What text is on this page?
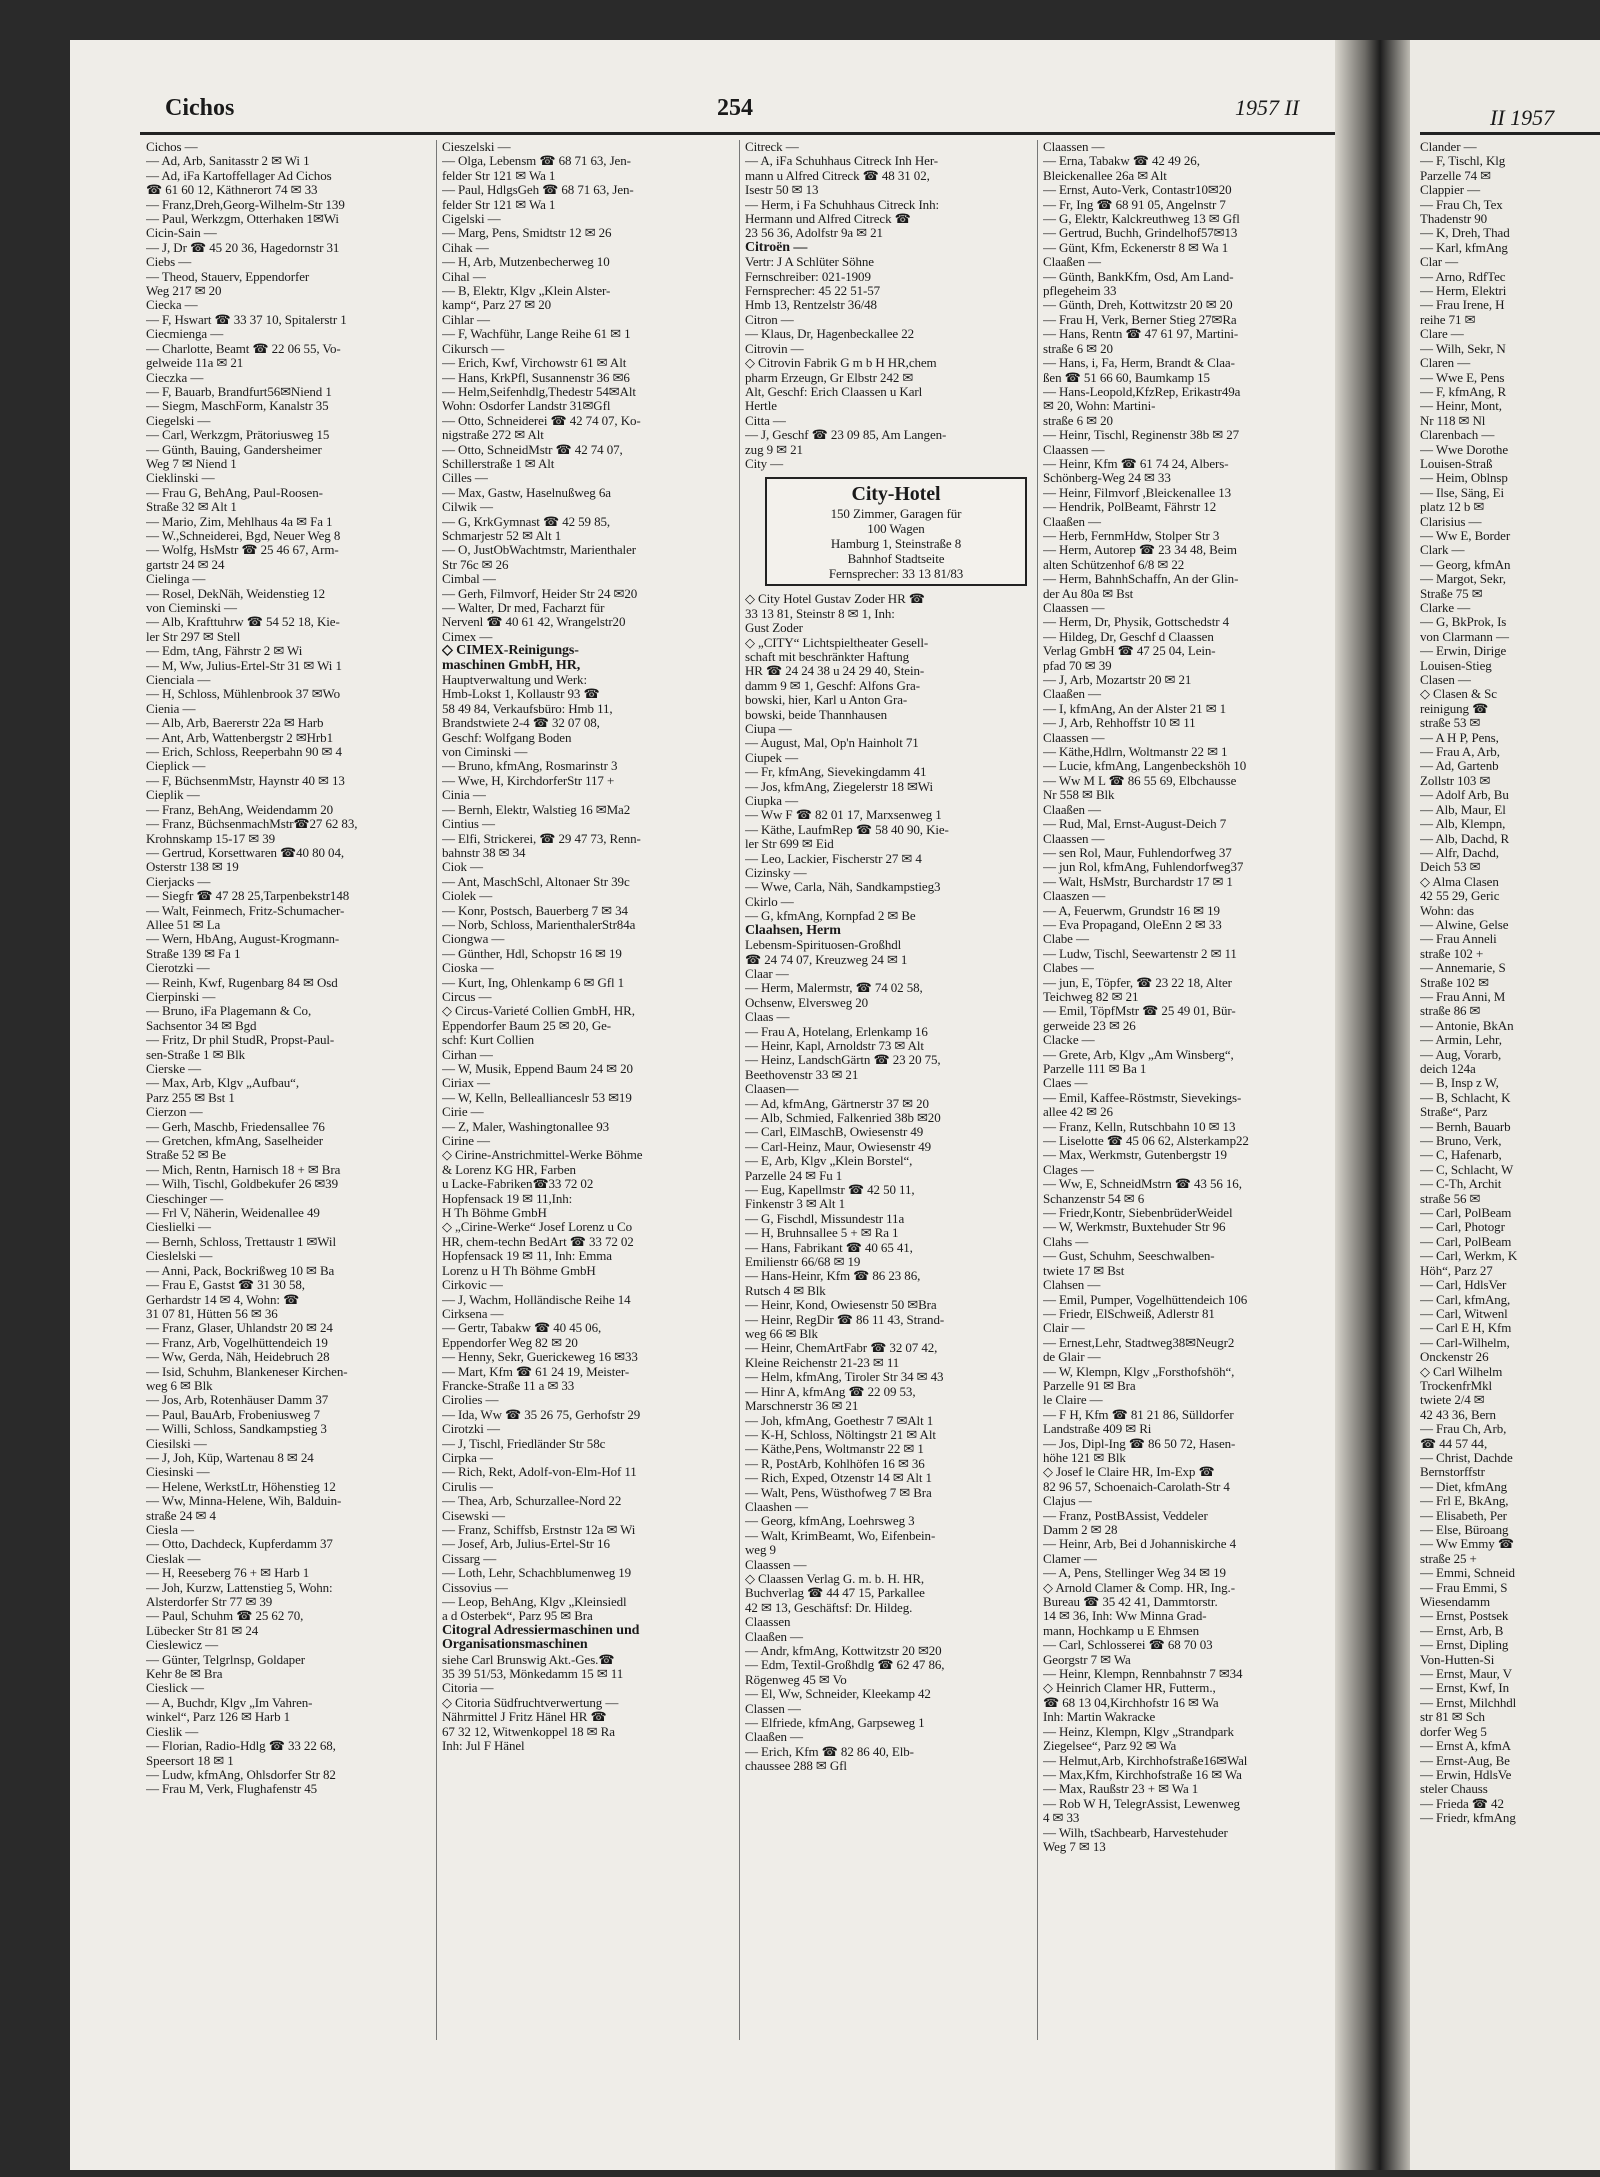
Cichos	254	1957 II	II 1957
Cichos —
— Ad, Arb, Sanitasstr 2 ✉ Wi 1
— Ad, iFa Kartoffellager Ad Cichos
☎ 61 60 12, Käthnerort 74 ✉ 33
— Franz,Dreh,Georg-Wilhelm-Str 139
— Paul, Werkzgm, Otterhaken 1✉Wi
Cicin-Sain —
— J, Dr ☎ 45 20 36, Hagedornstr 31
Ciebs —
— Theod, Stauerv, Eppendorfer
Weg 217 ✉ 20
Ciecka —
— F, Hswart ☎ 33 37 10, Spitalerstr 1
Ciecmienga —
— Charlotte, Beamt ☎ 22 06 55, Vo-
gelweide 11a ✉ 21
Cieczka —
— F, Bauarb, Brandfurt56✉Niend 1
— Siegm, MaschForm, Kanalstr 35
Ciegelski —
— Carl, Werkzgm, Prätoriusweg 15
— Günth, Bauing, Gandersheimer
Weg 7 ✉ Niend 1
Cieklinski —
— Frau G, BehAng, Paul-Roosen-
Straße 32 ✉ Alt 1
— Mario, Zim, Mehlhaus 4a ✉ Fa 1
— W.,Schneiderei, Bgd, Neuer Weg 8
— Wolfg, HsMstr ☎ 25 46 67, Arm-
gartstr 24 ✉ 24
Cielinga —
— Rosel, DekNäh, Weidenstieg 12
von Cieminski —
— Alb, Krafttuhrw ☎ 54 52 18, Kie-
ler Str 297 ✉ Stell
— Edm, tAng, Fährstr 2 ✉ Wi
— M, Ww, Julius-Ertel-Str 31 ✉ Wi 1
Cienciala —
— H, Schloss, Mühlenbrook 37 ✉Wo
Cienia —
— Alb, Arb, Baererstr 22a ✉ Harb
— Ant, Arb, Wattenbergstr 2 ✉Hrb1
— Erich, Schloss, Reeperbahn 90 ✉ 4
Cieplick —
— F, BüchsenmMstr, Haynstr 40 ✉ 13
Cieplik —
— Franz, BehAng, Weidendamm 20
— Franz, BüchsenmachMstr☎27 62 83,
Krohnskamp 15-17 ✉ 39
— Gertrud, Korsettwaren ☎40 80 04,
Osterstr 138 ✉ 19
Cierjacks —
— Siegfr ☎ 47 28 25,Tarpenbekstr148
— Walt, Feinmech, Fritz-Schumacher-
Allee 51 ✉ La
— Wern, HbAng, August-Krogmann-
Straße 139 ✉ Fa 1
Cierotzki —
— Reinh, Kwf, Rugenbarg 84 ✉ Osd
Cierpinski —
— Bruno, iFa Plagemann & Co,
Sachsentor 34 ✉ Bgd
— Fritz, Dr phil StudR, Propst-Paul-
sen-Straße 1 ✉ Blk
Cierske —
— Max, Arb, Klgv „Aufbau“,
Parz 255 ✉ Bst 1
Cierzon —
— Gerh, Maschb, Friedensallee 76
— Gretchen, kfmAng, Saselheider
Straße 52 ✉ Be
— Mich, Rentn, Harnisch 18 + ✉ Bra
— Wilh, Tischl, Goldbekufer 26 ✉39
Cieschinger —
— Frl V, Näherin, Weidenallee 49
Cieslielki —
— Bernh, Schloss, Trettaustr 1 ✉Wil
Cieslelski —
— Anni, Pack, Bockrißweg 10 ✉ Ba
— Frau E, Gastst ☎ 31 30 58,
Gerhardstr 14 ✉ 4, Wohn: ☎
31 07 81, Hütten 56 ✉ 36
— Franz, Glaser, Uhlandstr 20 ✉ 24
— Franz, Arb, Vogelhüttendeich 19
— Ww, Gerda, Näh, Heidebruch 28
— Isid, Schuhm, Blankeneser Kirchen-
weg 6 ✉ Blk
— Jos, Arb, Rotenhäuser Damm 37
— Paul, BauArb, Frobeniusweg 7
— Willi, Schloss, Sandkampstieg 3
Ciesilski —
— J, Joh, Küp, Wartenau 8 ✉ 24
Ciesinski —
— Helene, WerkstLtr, Höhenstieg 12
— Ww, Minna-Helene, Wih, Balduin-
straße 24 ✉ 4
Ciesla —
— Otto, Dachdeck, Kupferdamm 37
Cieslak —
— H, Reeseberg 76 + ✉ Harb 1
— Joh, Kurzw, Lattenstieg 5, Wohn:
Alsterdorfer Str 77 ✉ 39
— Paul, Schuhm ☎ 25 62 70,
Lübecker Str 81 ✉ 24
Cieslewicz —
— Günter, Telgrlnsp, Goldaper
Kehr 8e ✉ Bra
Cieslick —
— A, Buchdr, Klgv „Im Vahren-
winkel“, Parz 126 ✉ Harb 1
Cieslik —
— Florian, Radio-Hdlg ☎ 33 22 68,
Speersort 18 ✉ 1
— Ludw, kfmAng, Ohlsdorfer Str 82
— Frau M, Verk, Flughafenstr 45
Cieszelski —
— Olga, Lebensm ☎ 68 71 63, Jen-
felder Str 121 ✉ Wa 1
— Paul, HdlgsGeh ☎ 68 71 63, Jen-
felder Str 121 ✉ Wa 1
Cigelski —
— Marg, Pens, Smidtstr 12 ✉ 26
Cihak —
— H, Arb, Mutzenbecherweg 10
Cihal —
— B, Elektr, Klgv „Klein Alster-
kamp“, Parz 27 ✉ 20
Cihlar —
— F, Wachführ, Lange Reihe 61 ✉ 1
Cikursch —
— Erich, Kwf, Virchowstr 61 ✉ Alt
— Hans, KrkPfl, Susannenstr 36 ✉6
— Helm,Seifenhdlg,Thedestr 54✉Alt
Wohn: Osdorfer Landstr 31✉Gfl
— Otto, Schneiderei ☎ 42 74 07, Ko-
nigstraße 272 ✉ Alt
— Otto, SchneidMstr ☎ 42 74 07,
Schillerstraße 1 ✉ Alt
Cilles —
— Max, Gastw, Haselnußweg 6a
Cilwik —
— G, KrkGymnast ☎ 42 59 85,
Schmarjestr 52 ✉ Alt 1
— O, JustObWachtmstr, Marienthaler
Str 76c ✉ 26
Cimbal —
— Gerh, Filmvorf, Heider Str 24 ✉20
— Walter, Dr med, Facharzt für
Nervenl ☎ 40 61 42, Wrangelstr20
Cimex —
◇ CIMEX-Reinigungs-
maschinen GmbH, HR,
Hauptverwaltung und Werk:
Hmb-Lokst 1, Kollaustr 93 ☎
58 49 84, Verkaufsbüro: Hmb 11,
Brandstwiete 2-4 ☎ 32 07 08,
Geschf: Wolfgang Boden
von Ciminski —
— Bruno, kfmAng, Rosmarinstr 3
— Wwe, H, KirchdorferStr 117 +
Cinia —
— Bernh, Elektr, Walstieg 16 ✉Ma2
Cintius —
— Elfi, Strickerei, ☎ 29 47 73, Renn-
bahnstr 38 ✉ 34
Ciok —
— Ant, MaschSchl, Altonaer Str 39c
Ciolek —
— Konr, Postsch, Bauerberg 7 ✉ 34
— Norb, Schloss, MarienthalerStr84a
Ciongwa —
— Günther, Hdl, Schopstr 16 ✉ 19
Cioska —
— Kurt, Ing, Ohlenkamp 6 ✉ Gfl 1
Circus —
◇ Circus-Varieté Collien GmbH, HR,
Eppendorfer Baum 25 ✉ 20, Ge-
schf: Kurt Collien
Cirhan —
— W, Musik, Eppend Baum 24 ✉ 20
Ciriax —
— W, Kelln, Belleallianceslr 53 ✉19
Cirie —
— Z, Maler, Washingtonallee 93
Cirine —
◇ Cirine-Anstrichmittel-Werke Böhme
& Lorenz KG HR, Farben
u Lacke-Fabriken☎33 72 02
Hopfensack 19 ✉ 11,Inh:
H Th Böhme GmbH
◇ „Cirine-Werke“ Josef Lorenz u Co
HR, chem-techn BedArt ☎ 33 72 02
Hopfensack 19 ✉ 11, Inh: Emma
Lorenz u H Th Böhme GmbH
Cirkovic —
— J, Wachm, Holländische Reihe 14
Cirksena —
— Gertr, Tabakw ☎ 40 45 06,
Eppendorfer Weg 82 ✉ 20
— Henny, Sekr, Guerickeweg 16 ✉33
— Mart, Kfm ☎ 61 24 19, Meister-
Francke-Straße 11 a ✉ 33
Cirolies —
— Ida, Ww ☎ 35 26 75, Gerhofstr 29
Cirotzki —
— J, Tischl, Friedländer Str 58c
Cirpka —
— Rich, Rekt, Adolf-von-Elm-Hof 11
Cirulis —
— Thea, Arb, Schurzallee-Nord 22
Cisewski —
— Franz, Schiffsb, Erstnstr 12a ✉ Wi
— Josef, Arb, Julius-Ertel-Str 16
Cissarg —
— Loth, Lehr, Schachblumenweg 19
Cissovius —
— Leop, BehAng, Klgv „Kleinsiedl
a d Osterbek“, Parz 95 ✉ Bra
Citogral Adressiermaschinen und
Organisationsmaschinen
siehe Carl Brunswig Akt.-Ges.☎
35 39 51/53, Mönkedamm 15 ✉ 11
Citoria —
◇ Citoria Südfruchtverwertung —
Nährmittel J Fritz Hänel HR ☎
67 32 12, Witwenkoppel 18 ✉ Ra
Inh: Jul F Hänel
Citreck —
— A, iFa Schuhhaus Citreck Inh Her-
mann u Alfred Citreck ☎ 48 31 02,
Isestr 50 ✉ 13
— Herm, i Fa Schuhhaus Citreck Inh:
Hermann und Alfred Citreck ☎
23 56 36, Adolfstr 9a ✉ 21
Citroën —
Vertr: J A Schlüter Söhne
Fernschreiber: 021-1909
Fernsprecher: 45 22 51-57
Hmb 13, Rentzelstr 36/48
Citron —
— Klaus, Dr, Hagenbeckallee 22
Citrovin —
◇ Citrovin Fabrik G m b H HR,chem
pharm Erzeugn, Gr Elbstr 242 ✉
Alt, Geschf: Erich Claassen u Karl
Hertle
Citta —
— J, Geschf ☎ 23 09 85, Am Langen-
zug 9 ✉ 21
City —
City-Hotel
150 Zimmer, Garagen für
100 Wagen
Hamburg 1, Steinstraße 8
Bahnhof Stadtseite
Fernsprecher: 33 13 81/83
◇ City Hotel Gustav Zoder HR ☎
33 13 81, Steinstr 8 ✉ 1, Inh:
Gust Zoder
◇ „CITY“ Lichtspieltheater Gesell-
schaft mit beschränkter Haftung
HR ☎ 24 24 38 u 24 29 40, Stein-
damm 9 ✉ 1, Geschf: Alfons Gra-
bowski, hier, Karl u Anton Gra-
bowski, beide Thannhausen
Ciupa —
— August, Mal, Op'n Hainholt 71
Ciupek —
— Fr, kfmAng, Sievekingdamm 41
— Jos, kfmAng, Ziegelerstr 18 ✉Wi
Ciupka —
— Ww F ☎ 82 01 17, Marxsenweg 1
— Käthe, LaufmRep ☎ 58 40 90, Kie-
ler Str 699 ✉ Eid
— Leo, Lackier, Fischerstr 27 ✉ 4
Cizinsky —
— Wwe, Carla, Näh, Sandkampstieg3
Ckirlo —
— G, kfmAng, Kornpfad 2 ✉ Be
Claahsen, Herm
Lebensm-Spirituosen-Großhdl
☎ 24 74 07, Kreuzweg 24 ✉ 1
Claar —
— Herm, Malermstr, ☎ 74 02 58,
Ochsenw, Elversweg 20
Claas —
— Frau A, Hotelang, Erlenkamp 16
— Heinr, Kapl, Arnoldstr 73 ✉ Alt
— Heinz, LandschGärtn ☎ 23 20 75,
Beethovenstr 33 ✉ 21
Claasen—
— Ad, kfmAng, Gärtnerstr 37 ✉ 20
— Alb, Schmied, Falkenried 38b ✉20
— Carl, ElMaschB, Owiesenstr 49
— Carl-Heinz, Maur, Owiesenstr 49
— E, Arb, Klgv „Klein Borstel“,
Parzelle 24 ✉ Fu 1
— Eug, Kapellmstr ☎ 42 50 11,
Finkenstr 3 ✉ Alt 1
— G, Fischdl, Missundestr 11a
— H, Bruhnsallee 5 + ✉ Ra 1
— Hans, Fabrikant ☎ 40 65 41,
Emilienstr 66/68 ✉ 19
— Hans-Heinr, Kfm ☎ 86 23 86,
Rutsch 4 ✉ Blk
— Heinr, Kond, Owiesenstr 50 ✉Bra
— Heinr, RegDir ☎ 86 11 43, Strand-
weg 66 ✉ Blk
— Heinr, ChemArtFabr ☎ 32 07 42,
Kleine Reichenstr 21-23 ✉ 11
— Helm, kfmAng, Tiroler Str 34 ✉ 43
— Hinr A, kfmAng ☎ 22 09 53,
Marschnerstr 36 ✉ 21
— Joh, kfmAng, Goethestr 7 ✉Alt 1
— K-H, Schloss, Nöltingstr 21 ✉ Alt
— Käthe,Pens, Woltmanstr 22 ✉ 1
— R, PostArb, Kohlhöfen 16 ✉ 36
— Rich, Exped, Otzenstr 14 ✉ Alt 1
— Walt, Pens, Wüsthofweg 7 ✉ Bra
Claashen —
— Georg, kfmAng, Loehrsweg 3
— Walt, KrimBeamt, Wo, Eifenbein-
weg 9
Claassen —
◇ Claassen Verlag G. m. b. H. HR,
Buchverlag ☎ 44 47 15, Parkallee
42 ✉ 13, Geschäftsf: Dr. Hildeg.
Claassen
Claaßen —
— Andr, kfmAng, Kottwitzstr 20 ✉20
— Edm, Textil-Großhdlg ☎ 62 47 86,
Rögenweg 45 ✉ Vo
— El, Ww, Schneider, Kleekamp 42
Classen —
— Elfriede, kfmAng, Garpseweg 1
Claaßen —
— Erich, Kfm ☎ 82 86 40, Elb-
chaussee 288 ✉ Gfl
Claassen —
— Erna, Tabakw ☎ 42 49 26,
Bleickenallee 26a ✉ Alt
— Ernst, Auto-Verk, Contastr10✉20
— Fr, Ing ☎ 68 91 05, Angelnstr 7
— G, Elektr, Kalckreuthweg 13 ✉ Gfl
— Gertrud, Buchh, Grindelhof57✉13
— Günt, Kfm, Eckenerstr 8 ✉ Wa 1
Claaßen —
— Günth, BankKfm, Osd, Am Land-
pflegeheim 33
— Günth, Dreh, Kottwitzstr 20 ✉ 20
— Frau H, Verk, Berner Stieg 27✉Ra
— Hans, Rentn ☎ 47 61 97, Martini-
straße 6 ✉ 20
— Hans, i, Fa, Herm, Brandt & Claa-
ßen ☎ 51 66 60, Baumkamp 15
— Hans-Leopold,KfzRep, Erikastr49a
✉ 20, Wohn: Martini-
straße 6 ✉ 20
— Heinr, Tischl, Reginenstr 38b ✉ 27
Claassen —
— Heinr, Kfm ☎ 61 74 24, Albers-
Schönberg-Weg 24 ✉ 33
— Heinr, Filmvorf ,Bleickenallee 13
— Hendrik, PolBeamt, Fährstr 12
Claaßen —
— Herb, FernmHdw, Stolper Str 3
— Herm, Autorep ☎ 23 34 48, Beim
alten Schützenhof 6/8 ✉ 22
— Herm, BahnhSchaffn, An der Glin-
der Au 80a ✉ Bst
Claassen —
— Herm, Dr, Physik, Gottschedstr 4
— Hildeg, Dr, Geschf d Claassen
Verlag GmbH ☎ 47 25 04, Lein-
pfad 70 ✉ 39
— J, Arb, Mozartstr 20 ✉ 21
Claaßen —
— I, kfmAng, An der Alster 21 ✉ 1
— J, Arb, Rehhoffstr 10 ✉ 11
Claassen —
— Käthe,Hdlrn, Woltmanstr 22 ✉ 1
— Lucie, kfmAng, Langenbeckshöh 10
— Ww M L ☎ 86 55 69, Elbchausse
Nr 558 ✉ Blk
Claaßen —
— Rud, Mal, Ernst-August-Deich 7
Claassen —
— sen Rol, Maur, Fuhlendorfweg 37
— jun Rol, kfmAng, Fuhlendorfweg37
— Walt, HsMstr, Burchardstr 17 ✉ 1
Claaszen —
— A, Feuerwm, Grundstr 16 ✉ 19
— Eva Propagand, OleEnn 2 ✉ 33
Clabe —
— Ludw, Tischl, Seewartenstr 2 ✉ 11
Clabes —
— jun, E, Töpfer, ☎ 23 22 18, Alter
Teichweg 82 ✉ 21
— Emil, TöpfMstr ☎ 25 49 01, Bür-
gerweide 23 ✉ 26
Clacke —
— Grete, Arb, Klgv „Am Winsberg“,
Parzelle 111 ✉ Ba 1
Claes —
— Emil, Kaffee-Röstmstr, Sievekings-
allee 42 ✉ 26
— Franz, Kelln, Rutschbahn 10 ✉ 13
— Liselotte ☎ 45 06 62, Alsterkamp22
— Max, Werkmstr, Gutenbergstr 19
Clages —
— Ww, E, SchneidMstrn ☎ 43 56 16,
Schanzenstr 54 ✉ 6
— Friedr,Kontr, SiebenbrüderWeidel
— W, Werkmstr, Buxtehuder Str 96
Clahs —
— Gust, Schuhm, Seeschwalben-
twiete 17 ✉ Bst
Clahsen —
— Emil, Pumper, Vogelhüttendeich 106
— Friedr, ElSchweiß, Adlerstr 81
Clair —
— Ernest,Lehr, Stadtweg38✉Neugr2
de Glair —
— W, Klempn, Klgv „Forsthofshöh“,
Parzelle 91 ✉ Bra
le Claire —
— F H, Kfm ☎ 81 21 86, Sülldorfer
Landstraße 409 ✉ Ri
— Jos, Dipl-Ing ☎ 86 50 72, Hasen-
höhe 121 ✉ Blk
◇ Josef le Claire HR, Im-Exp ☎
82 96 57, Schoenaich-Carolath-Str 4
Clajus —
— Franz, PostBAssist, Veddeler
Damm 2 ✉ 28
— Heinr, Arb, Bei d Johanniskirche 4
Clamer —
— A, Pens, Stellinger Weg 34 ✉ 19
◇ Arnold Clamer & Comp. HR, Ing.-
Bureau ☎ 35 42 41, Dammtorstr.
14 ✉ 36, Inh: Ww Minna Grad-
mann, Hochkamp u E Ehmsen
— Carl, Schlosserei ☎ 68 70 03
Georgstr 7 ✉ Wa
— Heinr, Klempn, Rennbahnstr 7 ✉34
◇ Heinrich Clamer HR, Futterm.,
☎ 68 13 04,Kirchhofstr 16 ✉ Wa
Inh: Martin Wakracke
— Heinz, Klempn, Klgv „Strandpark
Ziegelsee“, Parz 92 ✉ Wa
— Helmut,Arb, Kirchhofstraße16✉Wal
— Max,Kfm, Kirchhofstraße 16 ✉ Wa
— Max, Raußstr 23 + ✉ Wa 1
— Rob W H, TelegrAssist, Lewenweg
4 ✉ 33
— Wilh, tSachbearb, Harvestehuder
Weg 7 ✉ 13
Clander —
— F, Tischl, Klg
Parzelle 74 ✉
Clappier —
— Frau Ch, Tex
Thadenstr 90
— K, Dreh, Thad
— Karl, kfmAng
Clar —
— Arno, RdfTec
— Herm, Elektri
— Frau Irene, H
reihe 71 ✉
Clare —
— Wilh, Sekr, N
Claren —
— Wwe E, Pens
— F, kfmAng, R
— Heinr, Mont,
Nr 118 ✉ Nl
Clarenbach —
— Wwe Dorothe
Louisen-Straß
— Heim, Oblnsp
— Ilse, Säng, Ei
platz 12 b ✉
Clarisius —
— Ww E, Border
Clark —
— Georg, kfmAn
— Margot, Sekr,
Straße 75 ✉
Clarke —
— G, BkProk, Is
von Clarmann —
— Erwin, Dirige
Louisen-Stieg
Clasen —
◇ Clasen & Sc
reinigung ☎
straße 53 ✉
— A H P, Pens,
— Frau A, Arb,
— Ad, Gartenb
Zollstr 103 ✉
— Adolf Arb, Bu
— Alb, Maur, El
— Alb, Klempn,
— Alb, Dachd, R
— Alfr, Dachd,
Deich 53 ✉
◇ Alma Clasen
42 55 29, Geric
Wohn: das
— Alwine, Gelse
— Frau Anneli
straße 102 +
— Annemarie, S
Straße 102 ✉
— Frau Anni, M
straße 86 ✉
— Antonie, BkAn
— Armin, Lehr,
— Aug, Vorarb,
deich 124a
— B, Insp z W,
— B, Schlacht, K
Straße“, Parz
— Bernh, Bauarb
— Bruno, Verk,
— C, Hafenarb,
— C, Schlacht, W
— C-Th, Archit
straße 56 ✉
— Carl, PolBeam
— Carl, Photogr
— Carl, PolBeam
— Carl, Werkm, K
Höh“, Parz 27
— Carl, HdlsVer
— Carl, kfmAng,
— Carl, Witwenl
— Carl E H, Kfm
— Carl-Wilhelm,
Onckenstr 26
◇ Carl Wilhelm
TrockenfrMkl
twiete 2/4 ✉
42 43 36, Bern
— Frau Ch, Arb,
☎ 44 57 44,
— Christ, Dachde
Bernstorffstr
— Diet, kfmAng
— Frl E, BkAng,
— Elisabeth, Per
— Else, Büroang
— Ww Emmy ☎
straße 25 +
— Emmi, Schneid
— Frau Emmi, S
Wiesendamm
— Ernst, Postsek
— Ernst, Arb, B
— Ernst, Dipling
Von-Hutten-Si
— Ernst, Maur, V
— Ernst, Kwf, In
— Ernst, Milchhdl
str 81 ✉ Sch
dorfer Weg 5
— Ernst A, kfmA
— Ernst-Aug, Be
— Erwin, HdlsVe
steler Chauss
— Frieda ☎ 42
— Friedr, kfmAng
